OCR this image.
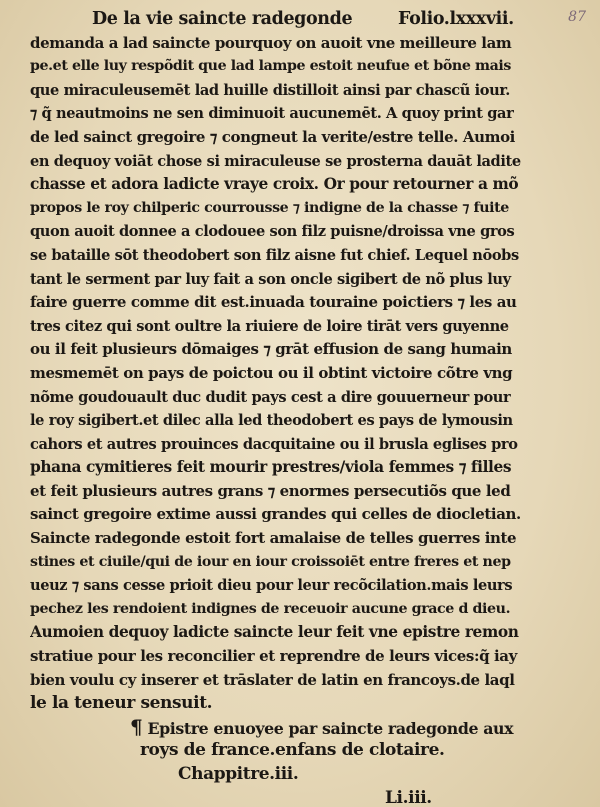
87
De la vie saincte radegonde	Folio.lxxxvii.
demanda a lad saincte pourquoy on auoit vne meilleure lam
pe.et elle luy respõdit que lad lampe estoit neufue et bõne mais
que miraculeusemēt lad huille distilloit ainsi par chascũ iour.
⁊ q̃ neautmoins ne sen diminuoit aucunemēt. A quoy print gar
de led sainct gregoire ⁊ congneut la verite/estre telle. Aumoi
en dequoy voiāt chose si miraculeuse se prosterna dauāt ladite
chasse et adora ladicte vraye croix. Or pour retourner a mõ
propos le roy chilperic courrousse ⁊ indigne de la chasse ⁊ fuite
quon auoit donnee a clodouee son filz puisne/droissa vne gros
se bataille sōt theodobert son filz aisne fut chief. Lequel nōobs
tant le serment par luy fait a son oncle sigibert de nõ plus luy
faire guerre comme dit est.inuada touraine poictiers ⁊ les au
tres citez qui sont oultre la riuiere de loire tirāt vers guyenne
ou il feit plusieurs dōmaiges ⁊ grāt effusion de sang humain
mesmemēt on pays de poictou ou il obtint victoire cõtre vng
nõme goudouault duc dudit pays cest a dire gouuerneur pour
le roy sigibert.et dilec alla led theodobert es pays de lymousin
cahors et autres prouinces dacquitaine ou il brusla eglises pro
phana cymitieres feit mourir prestres/viola femmes ⁊ filles
et feit plusieurs autres grans ⁊ enormes persecutiõs que led
sainct gregoire extime aussi grandes qui celles de diocletian.
Saincte radegonde estoit fort amalaise de telles guerres inte
stines et ciuile/qui de iour en iour croissoiēt entre freres et nep
ueuz ⁊ sans cesse prioit dieu pour leur recõcilation.mais leurs
pechez les rendoient indignes de receuoir aucune grace d dieu.
Aumoien dequoy ladicte saincte leur feit vne epistre remon
stratiue pour les reconcilier et reprendre de leurs vices:q̃ iay
bien voulu cy inserer et trāslater de latin en francoys.de laql
le la teneur sensuit.
¶ Epistre enuoyee par saincte radegonde aux
roys de france.enfans de clotaire.
Chappitre.iii.
Li.iii.
